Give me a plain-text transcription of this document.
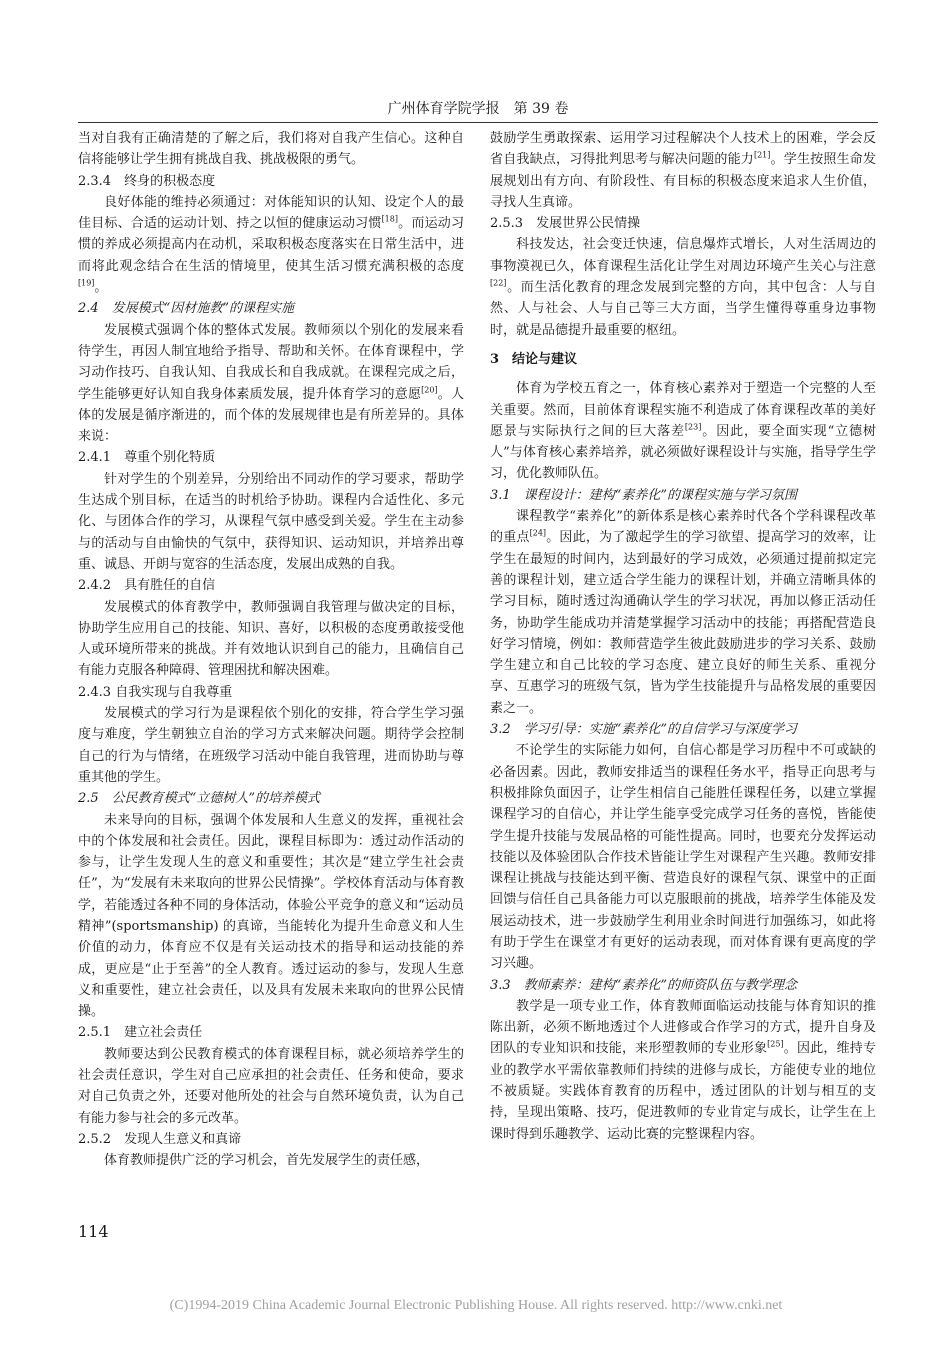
广州体育学院学报　第 39 卷

当对自我有正确清楚的了解之后，我们将对自我产生信心。这种自信将能够让学生拥有挑战自我、挑战极限的勇气。

2.3.4　终身的积极态度

良好体能的维持必须通过：对体能知识的认知、设定个人的最佳目标、合适的运动计划、持之以恒的健康运动习惯[18]。而运动习惯的养成必须提高内在动机，采取积极态度落实在日常生活中，进而将此观念结合在生活的情境里，使其生活习惯充满积极的态度[19]。

2.4　发展模式“因材施教”的课程实施

发展模式强调个体的整体式发展。教师须以个别化的发展来看待学生，再因人制宜地给予指导、帮助和关怀。在体育课程中，学习动作技巧、自我认知、自我成长和自我成就。在课程完成之后，学生能够更好认知自我身体素质发展，提升体育学习的意愿[20]。人体的发展是循序渐进的，而个体的发展规律也是有所差异的。具体来说：

2.4.1　尊重个别化特质

针对学生的个别差异，分别给出不同动作的学习要求，帮助学生达成个别目标，在适当的时机给予协助。课程内合适性化、多元化、与团体合作的学习，从课程气氛中感受到关爱。学生在主动参与的活动与自由愉快的气氛中，获得知识、运动知识，并培养出尊重、诚恳、开朗与宽容的生活态度，发展出成熟的自我。

2.4.2　具有胜任的自信

发展模式的体育教学中，教师强调自我管理与做决定的目标，协助学生应用自己的技能、知识、喜好，以积极的态度勇敢接受他人或环境所带来的挑战。并有效地认识到自己的能力，且确信自己有能力克服各种障碍、管理困扰和解决困难。

2.4.3 自我实现与自我尊重

发展模式的学习行为是课程依个别化的安排，符合学生学习强度与难度，学生朝独立自治的学习方式来解决问题。期待学会控制自己的行为与情绪，在班级学习活动中能自我管理，进而协助与尊重其他的学生。

2.5　公民教育模式“立德树人”的培养模式

未来导向的目标，强调个体发展和人生意义的发挥，重视社会中的个体发展和社会责任。因此，课程目标即为：透过动作活动的参与，让学生发现人生的意义和重要性；其次是“建立学生社会责任”，为“发展有未来取向的世界公民情操”。学校体育活动与体育教学，若能透过各种不同的身体活动，体验公平竞争的意义和“运动员精神”(sportsmanship) 的真谛，当能转化为提升生命意义和人生价值的动力，体育应不仅是有关运动技术的指导和运动技能的养成，更应是“止于至善”的全人教育。透过运动的参与，发现人生意义和重要性，建立社会责任，以及具有发展未来取向的世界公民情操。

2.5.1　建立社会责任

教师要达到公民教育模式的体育课程目标，就必须培养学生的社会责任意识，学生对自己应承担的社会责任、任务和使命，要求对自己负责之外，还要对他所处的社会与自然环境负责，认为自己有能力参与社会的多元改革。

2.5.2　发现人生意义和真谛

体育教师提供广泛的学习机会，首先发展学生的责任感，

鼓励学生勇敢探索、运用学习过程解决个人技术上的困难，学会反省自我缺点，习得批判思考与解决问题的能力[21]。学生按照生命发展规划出有方向、有阶段性、有目标的积极态度来追求人生价值，寻找人生真谛。

2.5.3　发展世界公民情操

科技发达，社会变迁快速，信息爆炸式增长，人对生活周边的事物漠视已久，体育课程生活化让学生对周边环境产生关心与注意[22]。而生活化教育的理念发展到完整的方向，其中包含：人与自然、人与社会、人与自己等三大方面，当学生懂得尊重身边事物时，就是品德提升最重要的枢纽。

3　结论与建议

体育为学校五育之一，体育核心素养对于塑造一个完整的人至关重要。然而，目前体育课程实施不利造成了体育课程改革的美好愿景与实际执行之间的巨大落差[23]。因此，要全面实现“立德树人”与体育核心素养培养，就必须做好课程设计与实施，指导学生学习，优化教师队伍。

3.1　课程设计：建构“素养化”的课程实施与学习氛围

课程教学“素养化”的新体系是核心素养时代各个学科课程改革的重点[24]。因此，为了激起学生的学习欲望、提高学习的效率，让学生在最短的时间内，达到最好的学习成效，必须通过提前拟定完善的课程计划，建立适合学生能力的课程计划，并确立清晰具体的学习目标，随时透过沟通确认学生的学习状况，再加以修正活动任务，协助学生能成功并清楚掌握学习活动中的技能；再搭配营造良好学习情境，例如：教师营造学生彼此鼓励进步的学习关系、鼓励学生建立和自己比较的学习态度、建立良好的师生关系、重视分享、互惠学习的班级气氛，皆为学生技能提升与品格发展的重要因素之一。

3.2　学习引导：实施“素养化”的自信学习与深度学习

不论学生的实际能力如何，自信心都是学习历程中不可或缺的必备因素。因此，教师安排适当的课程任务水平，指导正向思考与积极排除负面因子，让学生相信自己能胜任课程任务，以建立掌握课程学习的自信心，并让学生能享受完成学习任务的喜悦，皆能使学生提升技能与发展品格的可能性提高。同时，也要充分发挥运动技能以及体验团队合作技术皆能让学生对课程产生兴趣。教师安排课程让挑战与技能达到平衡、营造良好的课程气氛、课堂中的正面回馈与信任自己具备能力可以克服眼前的挑战，培养学生体能及发展运动技术，进一步鼓励学生利用业余时间进行加强练习，如此将有助于学生在课堂才有更好的运动表现，而对体育课有更高度的学习兴趣。

3.3　教师素养：建构“素养化”的师资队伍与教学理念

教学是一项专业工作，体育教师面临运动技能与体育知识的推陈出新，必须不断地透过个人进修或合作学习的方式，提升自身及团队的专业知识和技能，来形塑教师的专业形象[25]。因此，维持专业的教学水平需依靠教师们持续的进修与成长，方能使专业的地位不被质疑。实践体育教育的历程中，透过团队的计划与相互的支持，呈现出策略、技巧，促进教师的专业肯定与成长，让学生在上课时得到乐趣教学、运动比赛的完整课程内容。

114
(C)1994-2019 China Academic Journal Electronic Publishing House. All rights reserved. http://www.cnki.net
